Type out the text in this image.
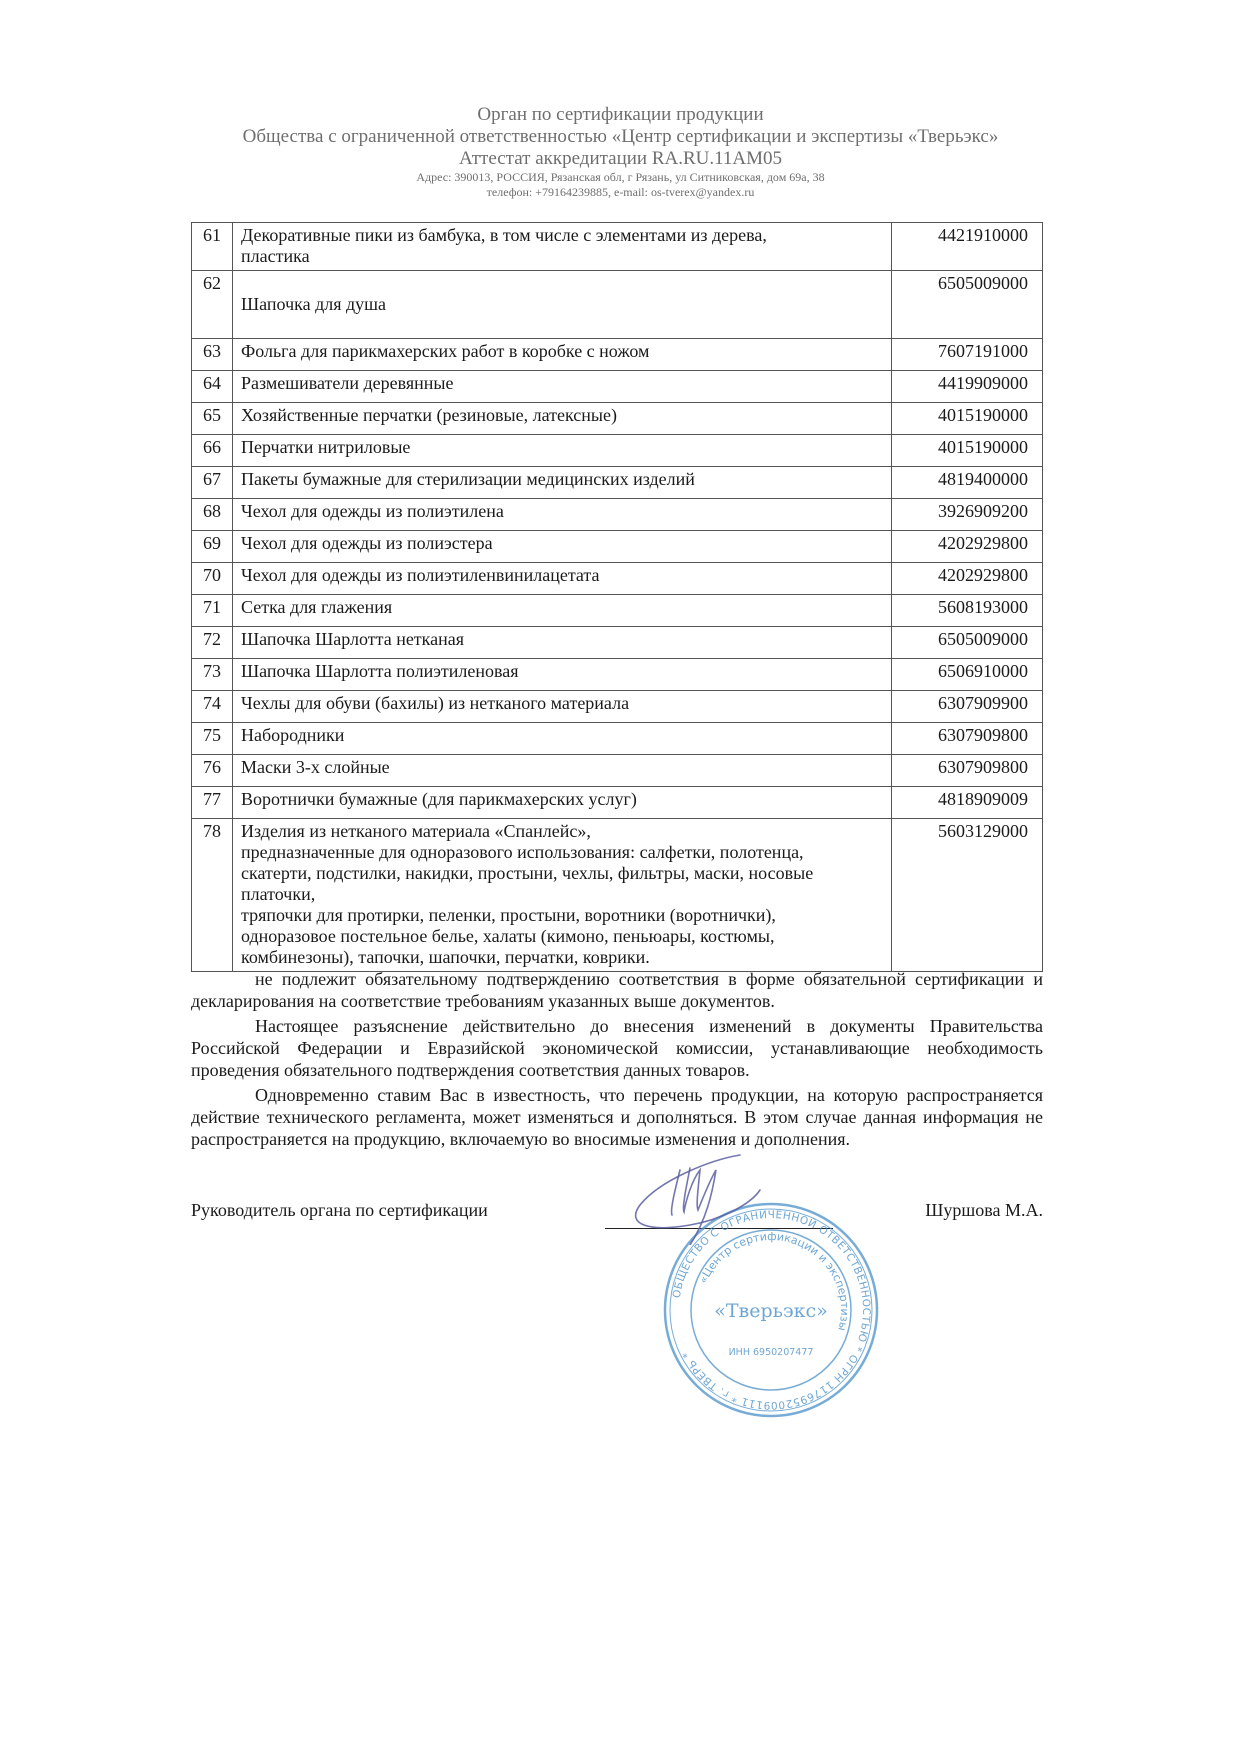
Орган по сертификации продукции
Общества с ограниченной ответственностью «Центр сертификации и экспертизы «Тверьэкс»
Аттестат аккредитации RA.RU.11AM05
Адрес: 390013, РОССИЯ, Рязанская обл, г Рязань, ул Ситниковская, дом 69а, 38
телефон: +79164239885, e-mail: os-tverex@yandex.ru
61	Декоративные пики из бамбука, в том числе с элементами из дерева,
пластика	4421910000
62	Шапочка для душа	6505009000
63	Фольга для парикмахерских работ в коробке с ножом	7607191000
64	Размешиватели деревянные	4419909000
65	Хозяйственные перчатки (резиновые, латексные)	4015190000
66	Перчатки нитриловые	4015190000
67	Пакеты бумажные для стерилизации медицинских изделий	4819400000
68	Чехол для одежды из полиэтилена	3926909200
69	Чехол для одежды из полиэстера	4202929800
70	Чехол для одежды из полиэтиленвинилацетата	4202929800
71	Сетка для глажения	5608193000
72	Шапочка Шарлотта нетканая	6505009000
73	Шапочка Шарлотта полиэтиленовая	6506910000
74	Чехлы для обуви (бахилы) из нетканого материала	6307909900
75	Набородники	6307909800
76	Маски 3-х слойные	6307909800
77	Воротнички бумажные (для парикмахерских услуг)	4818909009
78	Изделия из нетканого материала «Спанлейс»,
предназначенные для одноразового использования: салфетки, полотенца,
скатерти, подстилки, накидки, простыни, чехлы, фильтры, маски, носовые
платочки,
тряпочки для протирки, пеленки, простыни, воротники (воротнички),
одноразовое постельное белье, халаты (кимоно, пеньюары, костюмы,
комбинезоны), тапочки, шапочки, перчатки, коврики.
	5603129000

не подлежит обязательному подтверждению соответствия в форме обязательной сертификации и декларирования на соответствие требованиям указанных выше документов.

Настоящее разъяснение действительно до внесения изменений в документы Правительства Российской Федерации и Евразийской экономической комиссии, устанавливающие необходимость проведения обязательного подтверждения соответствия данных товаров.

Одновременно ставим Вас в известность, что перечень продукции, на которую распространяется действие технического регламента, может изменяться и дополняться. В этом случае данная информация не распространяется на продукцию, включаемую во вносимые изменения и дополнения.

Руководитель органа по сертификации	Шуршова М.А.
ОБЩЕСТВО С ОГРАНИЧЕННОЙ ОТВЕТСТВЕННОСТЬЮ * ОГРН 1176952009111 * г. ТВЕРЬ *
«Центр сертификации и экспертизы
«Тверьэкс»
ИНН 6950207477
